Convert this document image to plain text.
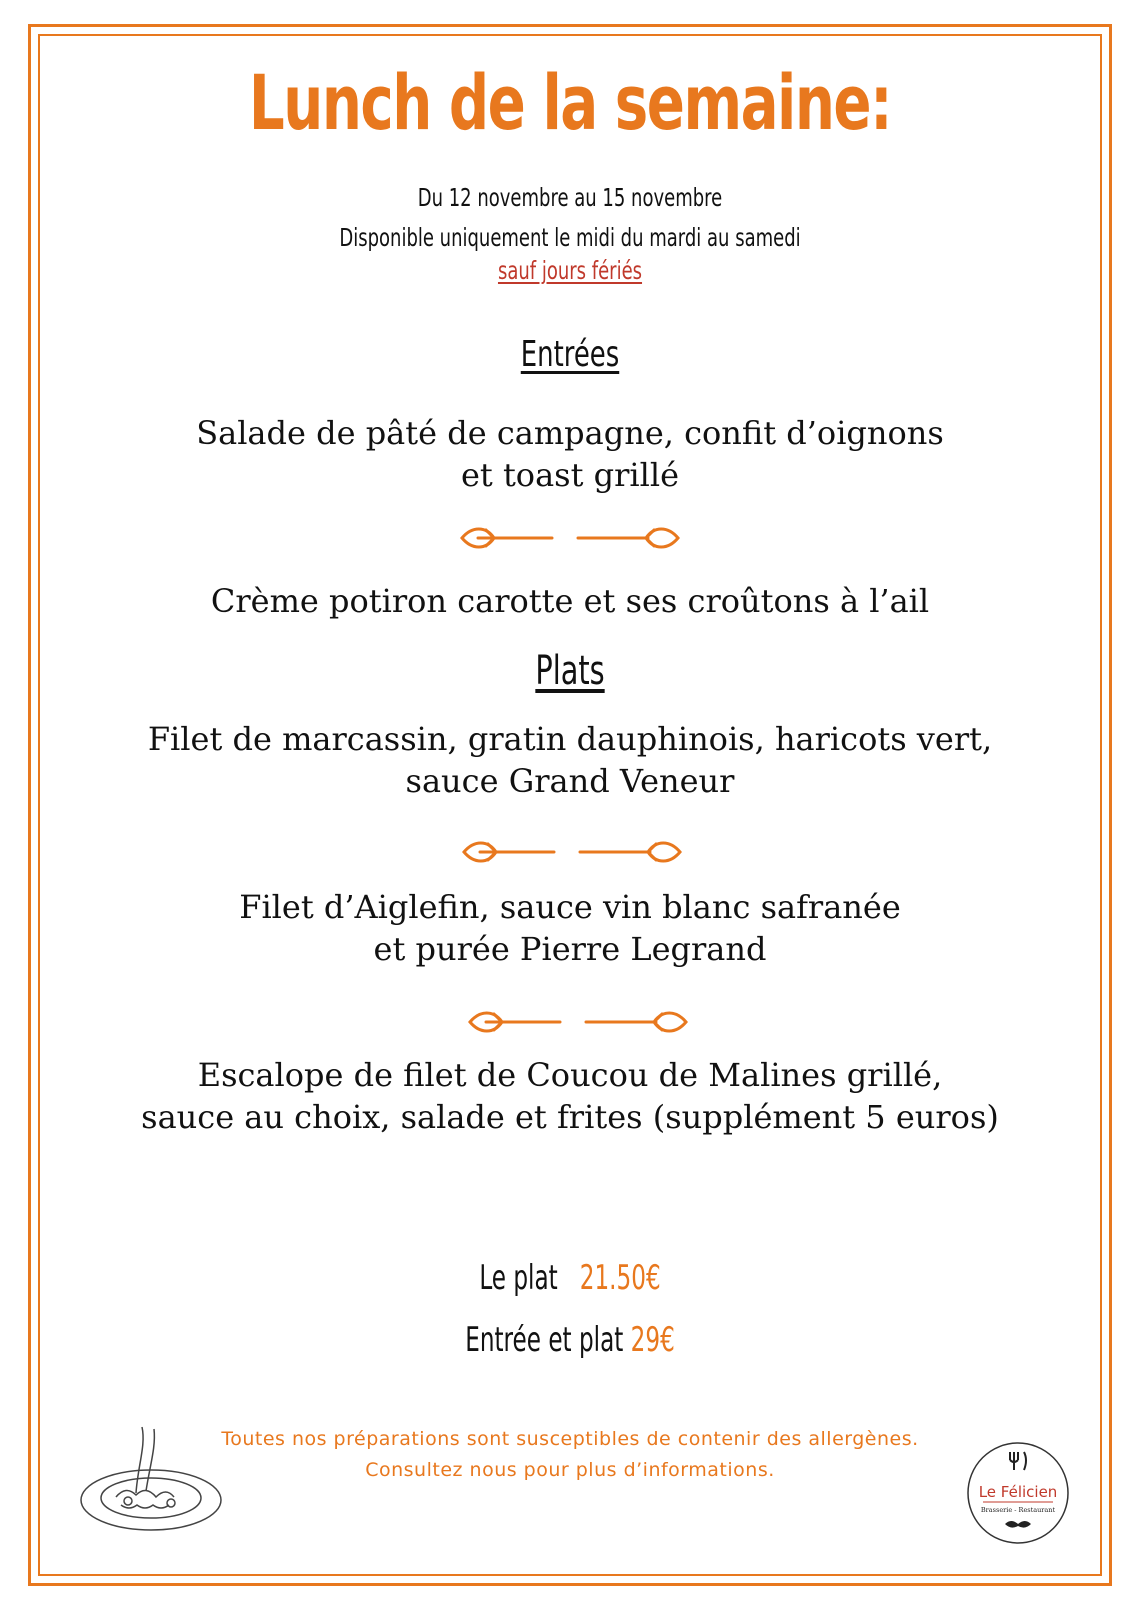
Lunch de la semaine:
Du 12 novembre au 15 novembre
Disponible uniquement le midi du mardi au samedi
sauf jours fériés
Entrées
Salade de pâté de campagne, confit d’oignons
et toast grillé
Crème potiron carotte et ses croûtons à l’ail
Plats
Filet de marcassin, gratin dauphinois, haricots vert,
sauce Grand Veneur
Filet d’Aiglefin, sauce vin blanc safranée
et purée Pierre Legrand
Escalope de filet de Coucou de Malines grillé,
sauce au choix, salade et frites (supplément 5 euros)
Le plat 21.50€
Entrée et plat 29€
Toutes nos préparations sont susceptibles de contenir des allergènes.
Consultez nous pour plus d’informations.
Le Félicien
Brasserie - Restaurant
